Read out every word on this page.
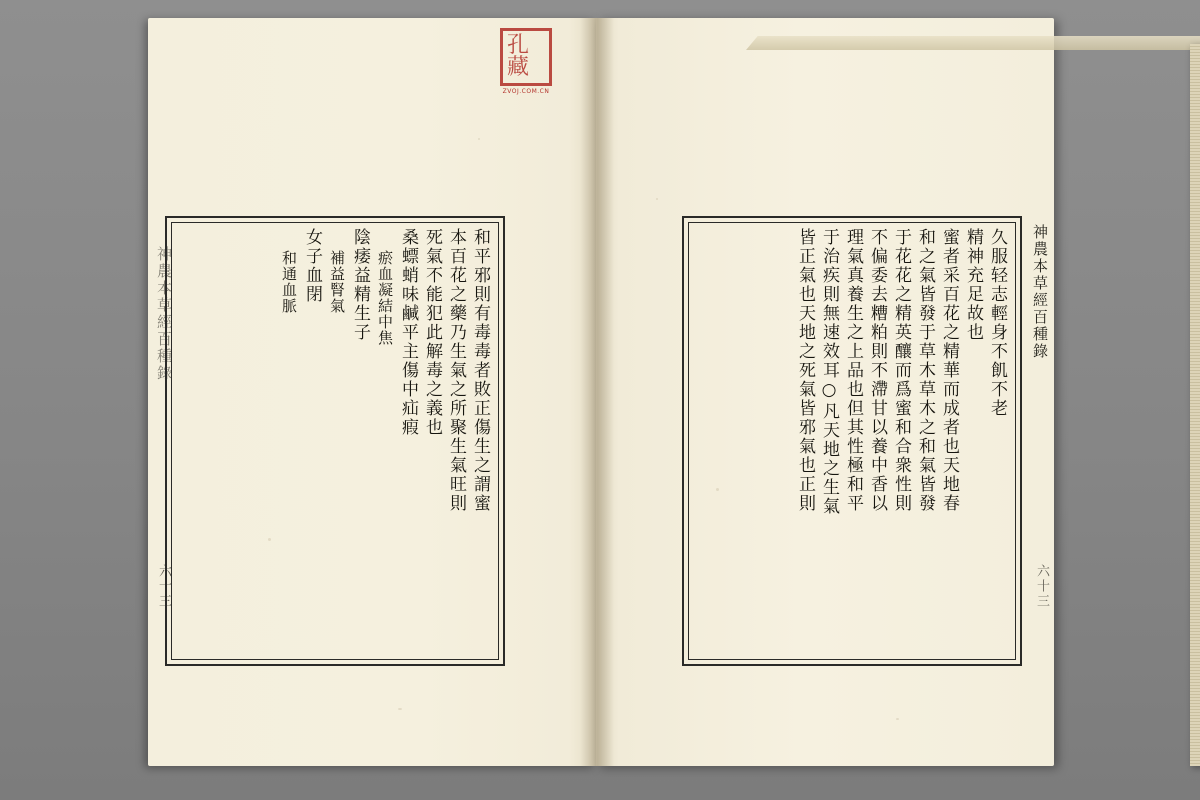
神農本草經百種錄
六十三
和平邪則有毒毒者敗正傷生之謂蜜
本百花之藥乃生氣之所聚生氣旺則
死氣不能犯此解毒之義也
桑螵蛸味鹹平主傷中疝瘕
瘀血凝結中焦
陰痿益精生子
補益腎氣
女子血閉
和通血脈	久服轻志輕身不飢不老
精神充足故也
蜜者采百花之精華而成者也天地春
和之氣皆發于草木草木之和氣皆發
于花花之精英釀而爲蜜和合衆性則
不偏委去糟粕則不滯甘以養中香以
理氣真養生之上品也但其性極和平
于治疾則無速效耳○凡天地之生氣
皆正氣也天地之死氣皆邪氣也正則	神農本草經百種錄
六十三
孔藏
ZVOJ.COM.CN
